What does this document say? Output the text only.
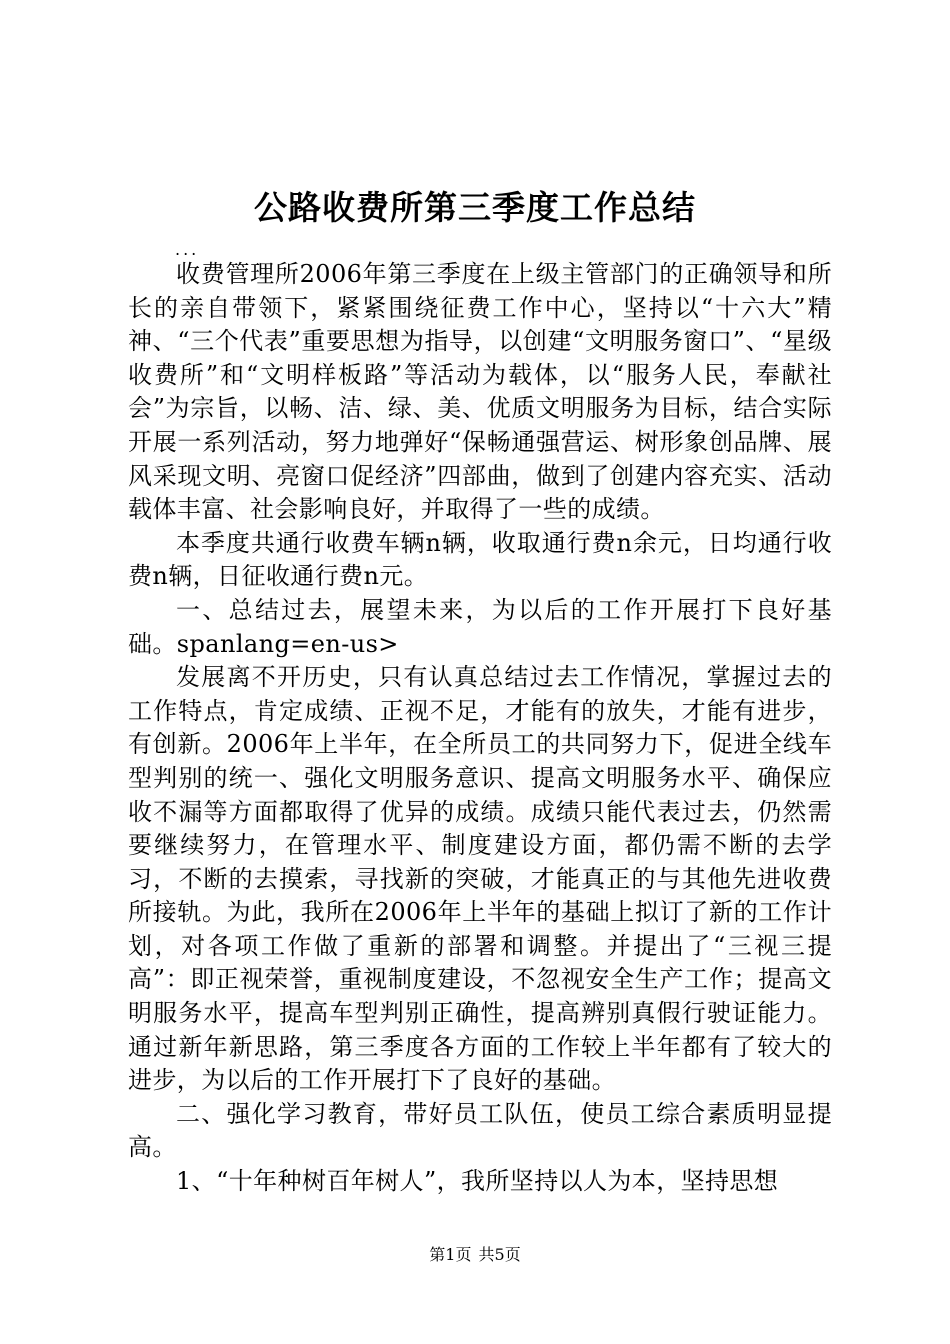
公路收费所第三季度工作总结
...

收费管理所2006年第三季度在上级主管部门的正确领导和所长的亲自带领下，紧紧围绕征费工作中心，坚持以“十六大”精神、“三个代表”重要思想为指导，以创建“文明服务窗口”、“星级收费所”和“文明样板路”等活动为载体，以“服务人民，奉献社会”为宗旨，以畅、洁、绿、美、优质文明服务为目标，结合实际开展一系列活动，努力地弹好“保畅通强营运、树形象创品牌、展风采现文明、亮窗口促经济”四部曲，做到了创建内容充实、活动载体丰富、社会影响良好，并取得了一些的成绩。

本季度共通行收费车辆n辆，收取通行费n余元，日均通行收费n辆，日征收通行费n元。

一、总结过去，展望未来，为以后的工作开展打下良好基础。spanlang=en-us>

发展离不开历史，只有认真总结过去工作情况，掌握过去的工作特点，肯定成绩、正视不足，才能有的放失，才能有进步，有创新。2006年上半年，在全所员工的共同努力下，促进全线车型判别的统一、强化文明服务意识、提高文明服务水平、确保应收不漏等方面都取得了优异的成绩。成绩只能代表过去，仍然需要继续努力，在管理水平、制度建设方面，都仍需不断的去学习，不断的去摸索，寻找新的突破，才能真正的与其他先进收费所接轨。为此，我所在2006年上半年的基础上拟订了新的工作计划，对各项工作做了重新的部署和调整。并提出了“三视三提高”：即正视荣誉，重视制度建设，不忽视安全生产工作；提高文明服务水平，提高车型判别正确性，提高辨别真假行驶证能力。通过新年新思路，第三季度各方面的工作较上半年都有了较大的进步，为以后的工作开展打下了良好的基础。

二、强化学习教育，带好员工队伍，使员工综合素质明显提高。

1、“十年种树百年树人”，我所坚持以人为本，坚持思想

第1页 共5页
